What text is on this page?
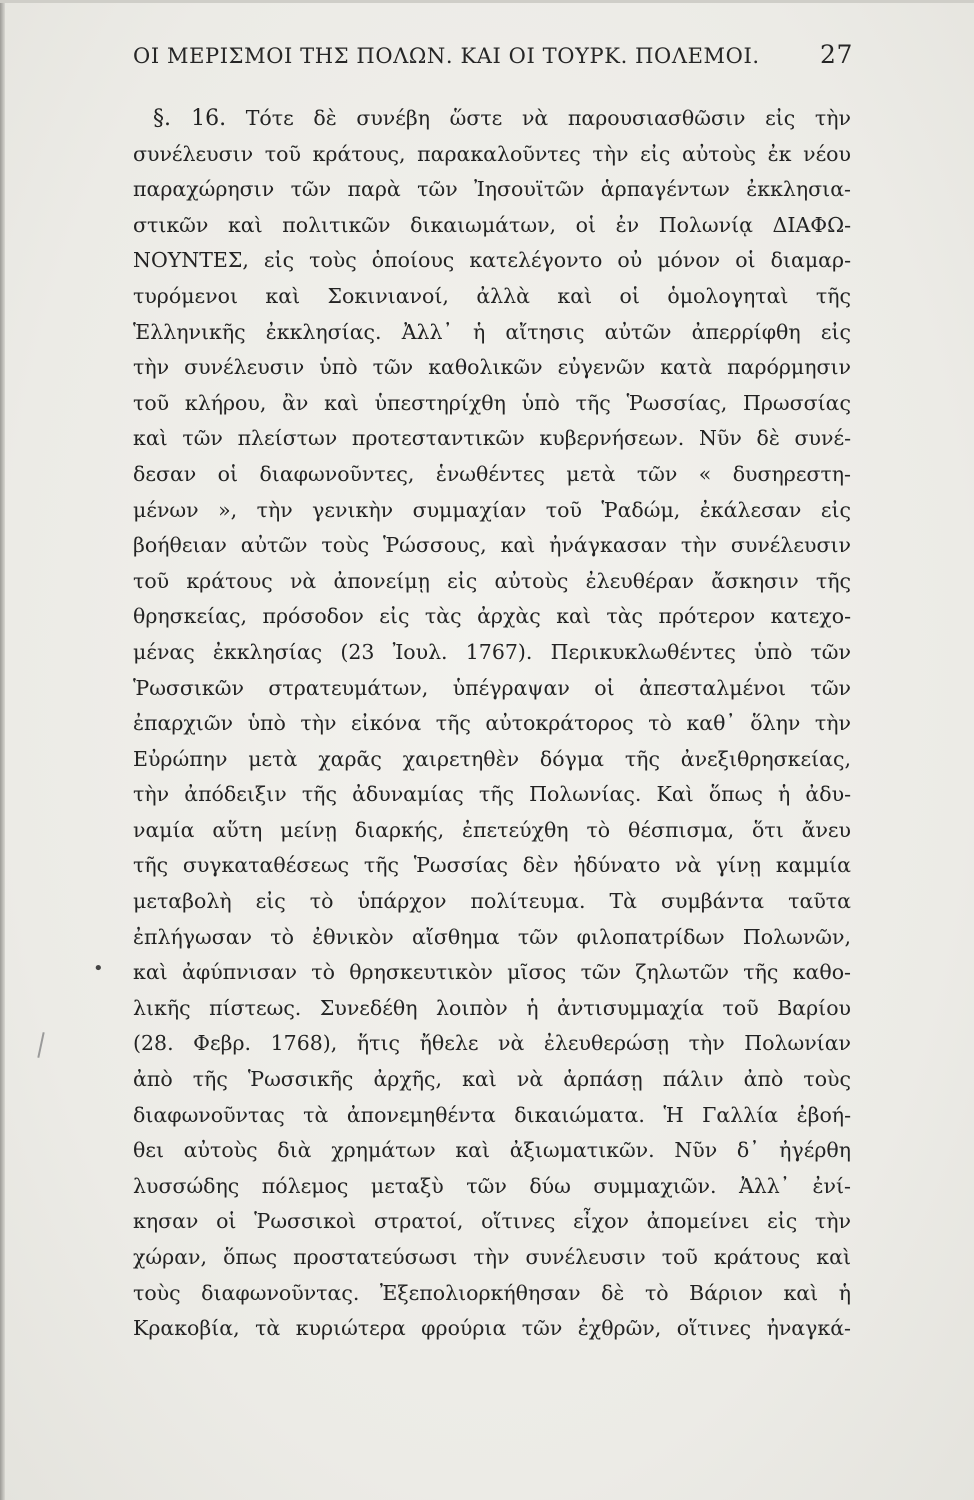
ΟΙ ΜΕΡΙΣΜΟΙ ΤΗΣ ΠΟΛΩΝ. ΚΑΙ ΟΙ ΤΟΥΡΚ. ΠΟΛΕΜΟΙ. 27
•
§. 16. Τότε δὲ συνέβη ὥστε νὰ παρουσιασθῶσιν εἰς τὴν
συνέλευσιν τοῦ κράτους, παρακαλοῦντες τὴν εἰς αὐτοὺς ἐκ νέου
παραχώρησιν τῶν παρὰ τῶν Ἰησουϊτῶν ἁρπαγέντων ἐκκλησια-
στικῶν καὶ πολιτικῶν δικαιωμάτων, οἱ ἐν Πολωνίᾳ ΔΙΑΦΩ-
ΝΟΥΝΤΕΣ, εἰς τοὺς ὁποίους κατελέγοντο οὐ μόνον οἱ διαμαρ-
τυρόμενοι καὶ Σοκινιανοί, ἀλλὰ καὶ οἱ ὁμολογηταὶ τῆς
Ἑλληνικῆς ἐκκλησίας. Ἀλλ᾽ ἡ αἴτησις αὐτῶν ἀπερρίφθη εἰς
τὴν συνέλευσιν ὑπὸ τῶν καθολικῶν εὐγενῶν κατὰ παρόρμησιν
τοῦ κλήρου, ἂν καὶ ὑπεστηρίχθη ὑπὸ τῆς Ῥωσσίας, Πρωσσίας
καὶ τῶν πλείστων προτεσταντικῶν κυβερνήσεων. Νῦν δὲ συνέ-
δεσαν οἱ διαφωνοῦντες, ἑνωθέντες μετὰ τῶν « δυσηρεστη-
μένων », τὴν γενικὴν συμμαχίαν τοῦ Ῥαδώμ, ἐκάλεσαν εἰς
βοήθειαν αὐτῶν τοὺς Ῥώσσους, καὶ ἠνάγκασαν τὴν συνέλευσιν
τοῦ κράτους νὰ ἀπονείμῃ εἰς αὐτοὺς ἐλευθέραν ἄσκησιν τῆς
θρησκείας, πρόσοδον εἰς τὰς ἀρχὰς καὶ τὰς πρότερον κατεχο-
μένας ἐκκλησίας (23 Ἰουλ. 1767). Περικυκλωθέντες ὑπὸ τῶν
Ῥωσσικῶν στρατευμάτων, ὑπέγραψαν οἱ ἀπεσταλμένοι τῶν
ἐπαρχιῶν ὑπὸ τὴν εἰκόνα τῆς αὐτοκράτορος τὸ καθ᾽ ὅλην τὴν
Εὐρώπην μετὰ χαρᾶς χαιρετηθὲν δόγμα τῆς ἀνεξιθρησκείας,
τὴν ἀπόδειξιν τῆς ἀδυναμίας τῆς Πολωνίας. Καὶ ὅπως ἡ ἀδυ-
ναμία αὕτη μείνῃ διαρκής, ἐπετεύχθη τὸ θέσπισμα, ὅτι ἄνευ
τῆς συγκαταθέσεως τῆς Ῥωσσίας δὲν ἠδύνατο νὰ γίνῃ καμμία
μεταβολὴ εἰς τὸ ὑπάρχον πολίτευμα. Τὰ συμβάντα ταῦτα
ἐπλήγωσαν τὸ ἐθνικὸν αἴσθημα τῶν φιλοπατρίδων Πολωνῶν,
καὶ ἀφύπνισαν τὸ θρησκευτικὸν μῖσος τῶν ζηλωτῶν τῆς καθο-
λικῆς πίστεως. Συνεδέθη λοιπὸν ἡ ἀντισυμμαχία τοῦ Βαρίου
(28. Φεβρ. 1768), ἥτις ἤθελε νὰ ἐλευθερώσῃ τὴν Πολωνίαν
ἀπὸ τῆς Ῥωσσικῆς ἀρχῆς, καὶ νὰ ἁρπάσῃ πάλιν ἀπὸ τοὺς
διαφωνοῦντας τὰ ἀπονεμηθέντα δικαιώματα. Ἡ Γαλλία ἐβοή-
θει αὐτοὺς διὰ χρημάτων καὶ ἀξιωματικῶν. Νῦν δ᾽ ἠγέρθη
λυσσώδης πόλεμος μεταξὺ τῶν δύω συμμαχιῶν. Ἀλλ᾽ ἐνί-
κησαν οἱ Ῥωσσικοὶ στρατοί, οἵτινες εἶχον ἀπομείνει εἰς τὴν
χώραν, ὅπως προστατεύσωσι τὴν συνέλευσιν τοῦ κράτους καὶ
τοὺς διαφωνοῦντας. Ἐξεπολιορκήθησαν δὲ τὸ Βάριον καὶ ἡ
Κρακοβία, τὰ κυριώτερα φρούρια τῶν ἐχθρῶν, οἵτινες ἠναγκά-
